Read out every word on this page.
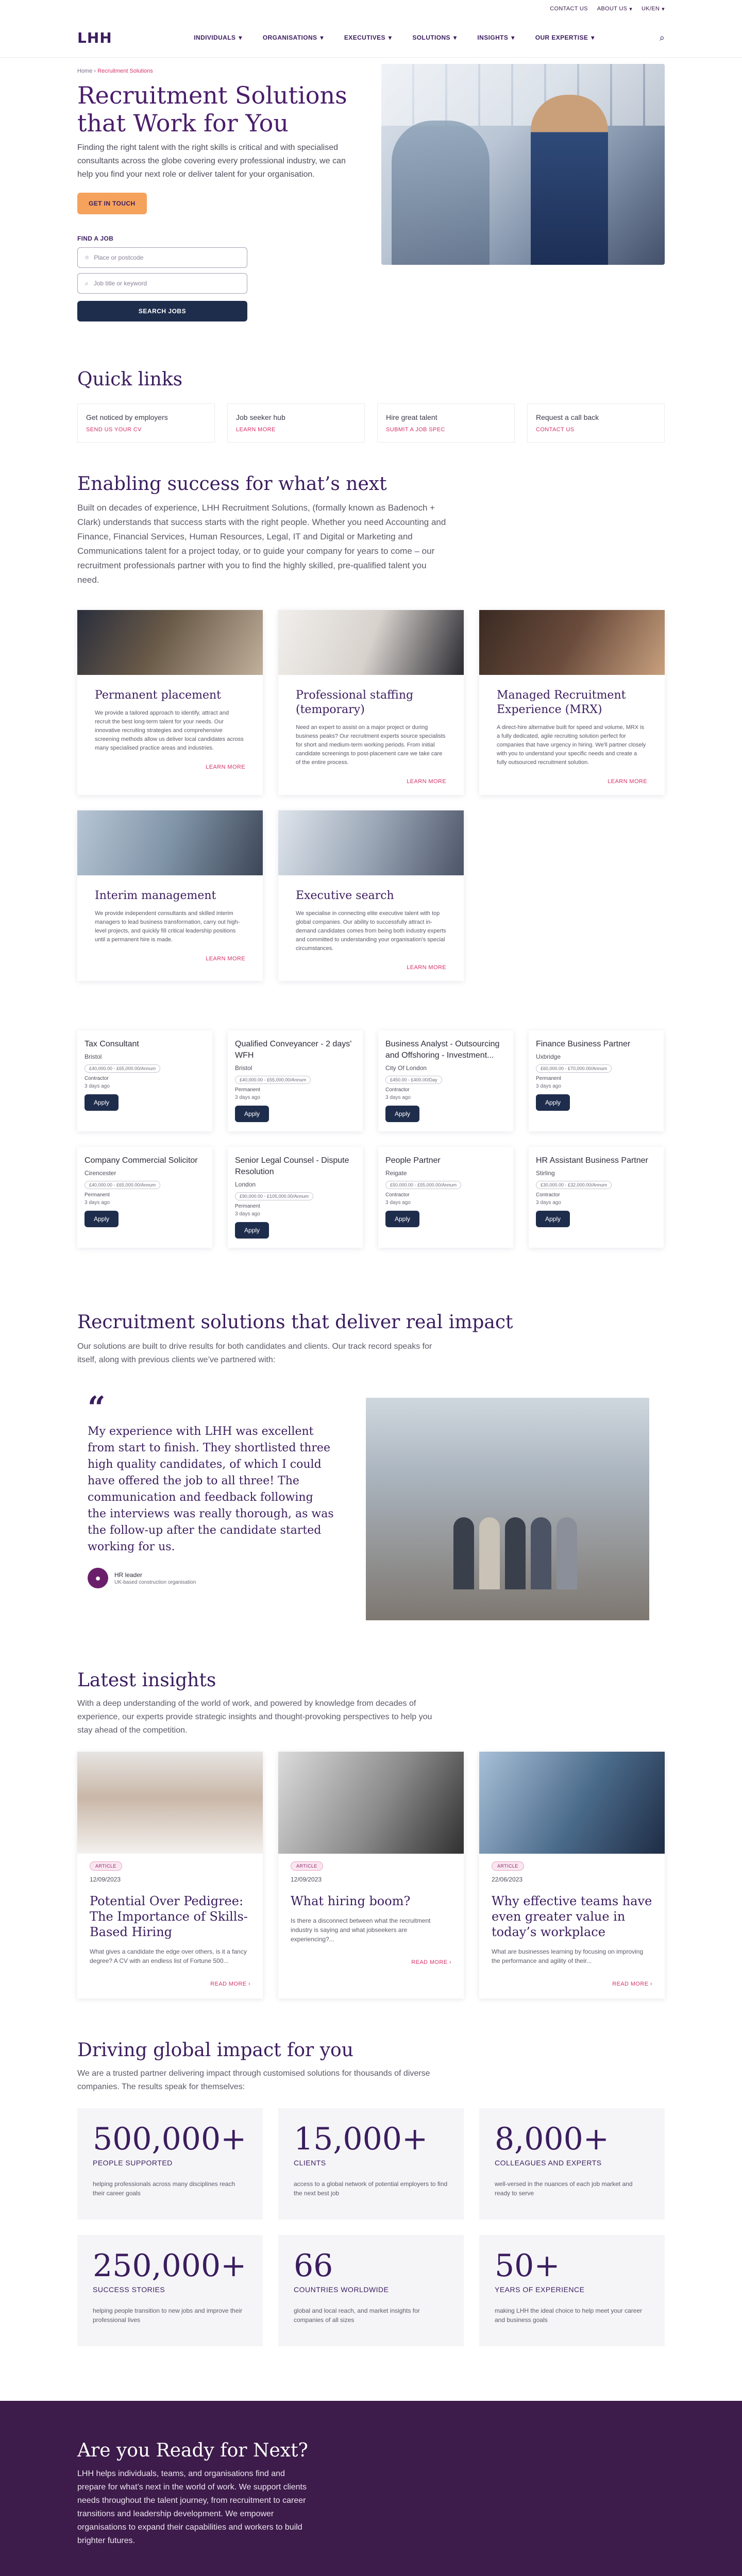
CONTACT US ABOUT US ▾ UK/EN ▾
LHH	INDIVIDUALS ▾	ORGANISATIONS ▾	EXECUTIVES ▾	SOLUTIONS ▾	INSIGHTS ▾	OUR EXPERTISE ▾	⌕
Home › Recruitment Solutions
Recruitment Solutions that Work for You

Finding the right talent with the right skills is critical and with specialised consultants across the globe covering every professional industry, we can help you find your next role or deliver talent for your organisation.

GET IN TOUCH
FIND A JOB
⌾ Place or postcode
⌕ Job title or keyword
SEARCH JOBS
Quick links
Get noticed by employers
SEND US YOUR CV
Job seeker hub
LEARN MORE
Hire great talent
SUBMIT A JOB SPEC
Request a call back
CONTACT US
Enabling success for what’s next

Built on decades of experience, LHH Recruitment Solutions, (formally known as Badenoch + Clark) understands that success starts with the right people. Whether you need Accounting and Finance, Financial Services, Human Resources, Legal, IT and Digital or Marketing and Communications talent for a project today, or to guide your company for years to come – our recruitment professionals partner with you to find the highly skilled, pre-qualified talent you need.

Permanent placement
We provide a tailored approach to identify, attract and recruit the best long-term talent for your needs. Our innovative recruiting strategies and comprehensive screening methods allow us deliver local candidates across many specialised practice areas and industries.
LEARN MORE
Professional staffing (temporary)
Need an expert to assist on a major project or during business peaks? Our recruitment experts source specialists for short and medium-term working periods. From initial candidate screenings to post-placement care we take care of the entire process.
LEARN MORE
Managed Recruitment Experience (MRX)
A direct-hire alternative built for speed and volume, MRX is a fully dedicated, agile recruiting solution perfect for companies that have urgency in hiring. We'll partner closely with you to understand your specific needs and create a fully outsourced recruitment solution.
LEARN MORE
Interim management
We provide independent consultants and skilled interim managers to lead business transformation, carry out high-level projects, and quickly fill critical leadership positions until a permanent hire is made.
LEARN MORE
Executive search
We specialise in connecting elite executive talent with top global companies. Our ability to successfully attract in-demand candidates comes from being both industry experts and committed to understanding your organisation's special circumstances.
LEARN MORE
Tax Consultant
Bristol
£40,000.00 - £65,000.00/Annum
Contractor
3 days ago
Apply
Qualified Conveyancer - 2 days' WFH
Bristol
£40,000.00 - £55,000.00/Annum
Permanent
3 days ago
Apply
Business Analyst - Outsourcing and Offshoring - Investment...
City Of London
£450.00 - £400.00/Day
Contractor
3 days ago
Apply
Finance Business Partner
Uxbridge
£60,000.00 - £70,000.00/Annum
Permanent
3 days ago
Apply
Company Commercial Solicitor
Cirencester
£40,000.00 - £65,000.00/Annum
Permanent
3 days ago
Apply
Senior Legal Counsel - Dispute Resolution
London
£90,000.00 - £105,000.00/Annum
Permanent
3 days ago
Apply
People Partner
Reigate
£50,000.00 - £55,000.00/Annum
Contractor
3 days ago
Apply
HR Assistant Business Partner
Stirling
£30,000.00 - £32,000.00/Annum
Contractor
3 days ago
Apply
Recruitment solutions that deliver real impact

Our solutions are built to drive results for both candidates and clients. Our track record speaks for itself, along with previous clients we’ve partnered with:

“
My experience with LHH was excellent from start to finish. They shortlisted three high quality candidates, of which I could have offered the job to all three! The communication and feedback following the interviews was really thorough, as was the follow-up after the candidate started working for us.
●	HR leader
UK-based construction organisation
Latest insights

With a deep understanding of the world of work, and powered by knowledge from decades of experience, our experts provide strategic insights and thought-provoking perspectives to help you stay ahead of the competition.

ARTICLE
12/09/2023
Potential Over Pedigree: The Importance of Skills-Based Hiring
What gives a candidate the edge over others, is it a fancy degree? A CV with an endless list of Fortune 500...
READ MORE ›
ARTICLE
12/09/2023
What hiring boom?
Is there a disconnect between what the recruitment industry is saying and what jobseekers are experiencing?...
READ MORE ›
ARTICLE
22/06/2023
Why effective teams have even greater value in today’s workplace
What are businesses learning by focusing on improving the performance and agility of their...
READ MORE ›
Driving global impact for you

We are a trusted partner delivering impact through customised solutions for thousands of diverse companies. The results speak for themselves:

500,000+
PEOPLE SUPPORTED
helping professionals across many disciplines reach their career goals
15,000+
CLIENTS
access to a global network of potential employers to find the next best job
8,000+
COLLEAGUES AND EXPERTS
well-versed in the nuances of each job market and ready to serve
250,000+
SUCCESS STORIES
helping people transition to new jobs and improve their professional lives
66
COUNTRIES WORLDWIDE
global and local reach, and market insights for companies of all sizes
50+
YEARS OF EXPERIENCE
making LHH the ideal choice to help meet your career and business goals
Are you Ready for Next?

LHH helps individuals, teams, and organisations find and prepare for what’s next in the world of work. We support clients needs throughout the talent journey, from recruitment to career transitions and leadership development. We empower organisations to expand their capabilities and workers to build brighter futures.
